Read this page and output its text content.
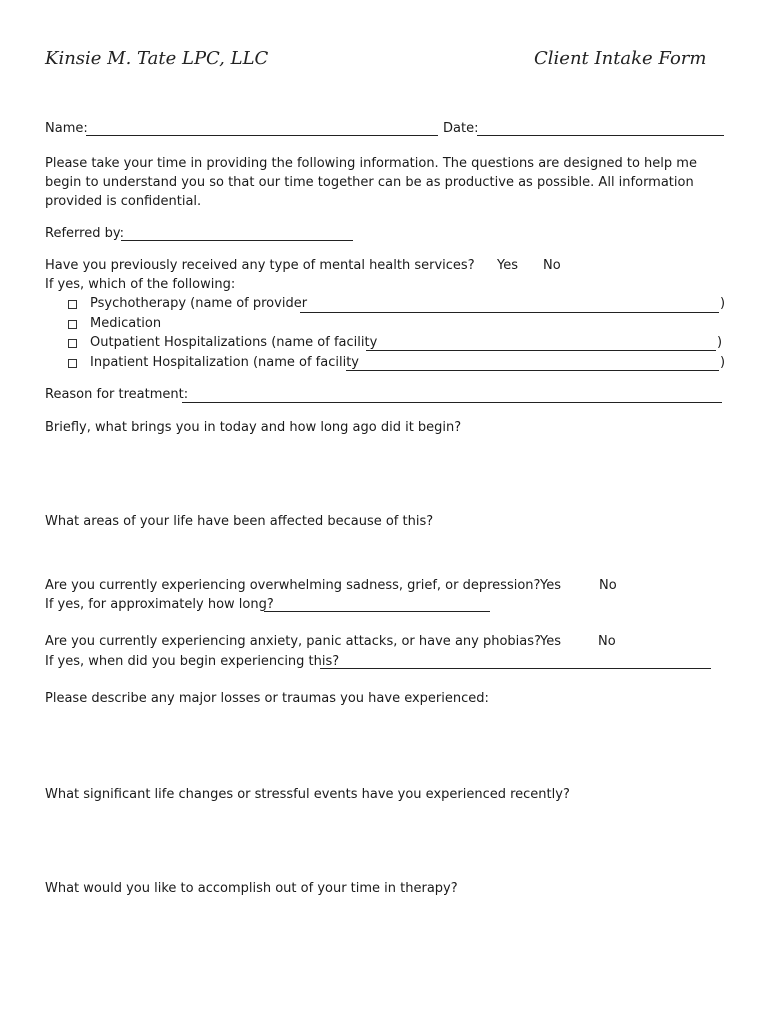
Kinsie M. Tate LPC, LLC	Client Intake Form
Name:	Date:
Please take your time in providing the following information. The questions are designed to help me begin to understand you so that our time together can be as productive as possible. All information provided is confidential.
Referred by:
Have you previously received any type of mental health services? Yes No
If yes, which of the following:
Psychotherapy (name of provider	)
Medication
Outpatient Hospitalizations (name of facility	)
Inpatient Hospitalization (name of facility	)
Reason for treatment:
Briefly, what brings you in today and how long ago did it begin?
What areas of your life have been affected because of this?
Are you currently experiencing overwhelming sadness, grief, or depression? Yes	No
If yes, for approximately how long?
Are you currently experiencing anxiety, panic attacks, or have any phobias? Yes	No
If yes, when did you begin experiencing this?
Please describe any major losses or traumas you have experienced:
What significant life changes or stressful events have you experienced recently?
What would you like to accomplish out of your time in therapy?
